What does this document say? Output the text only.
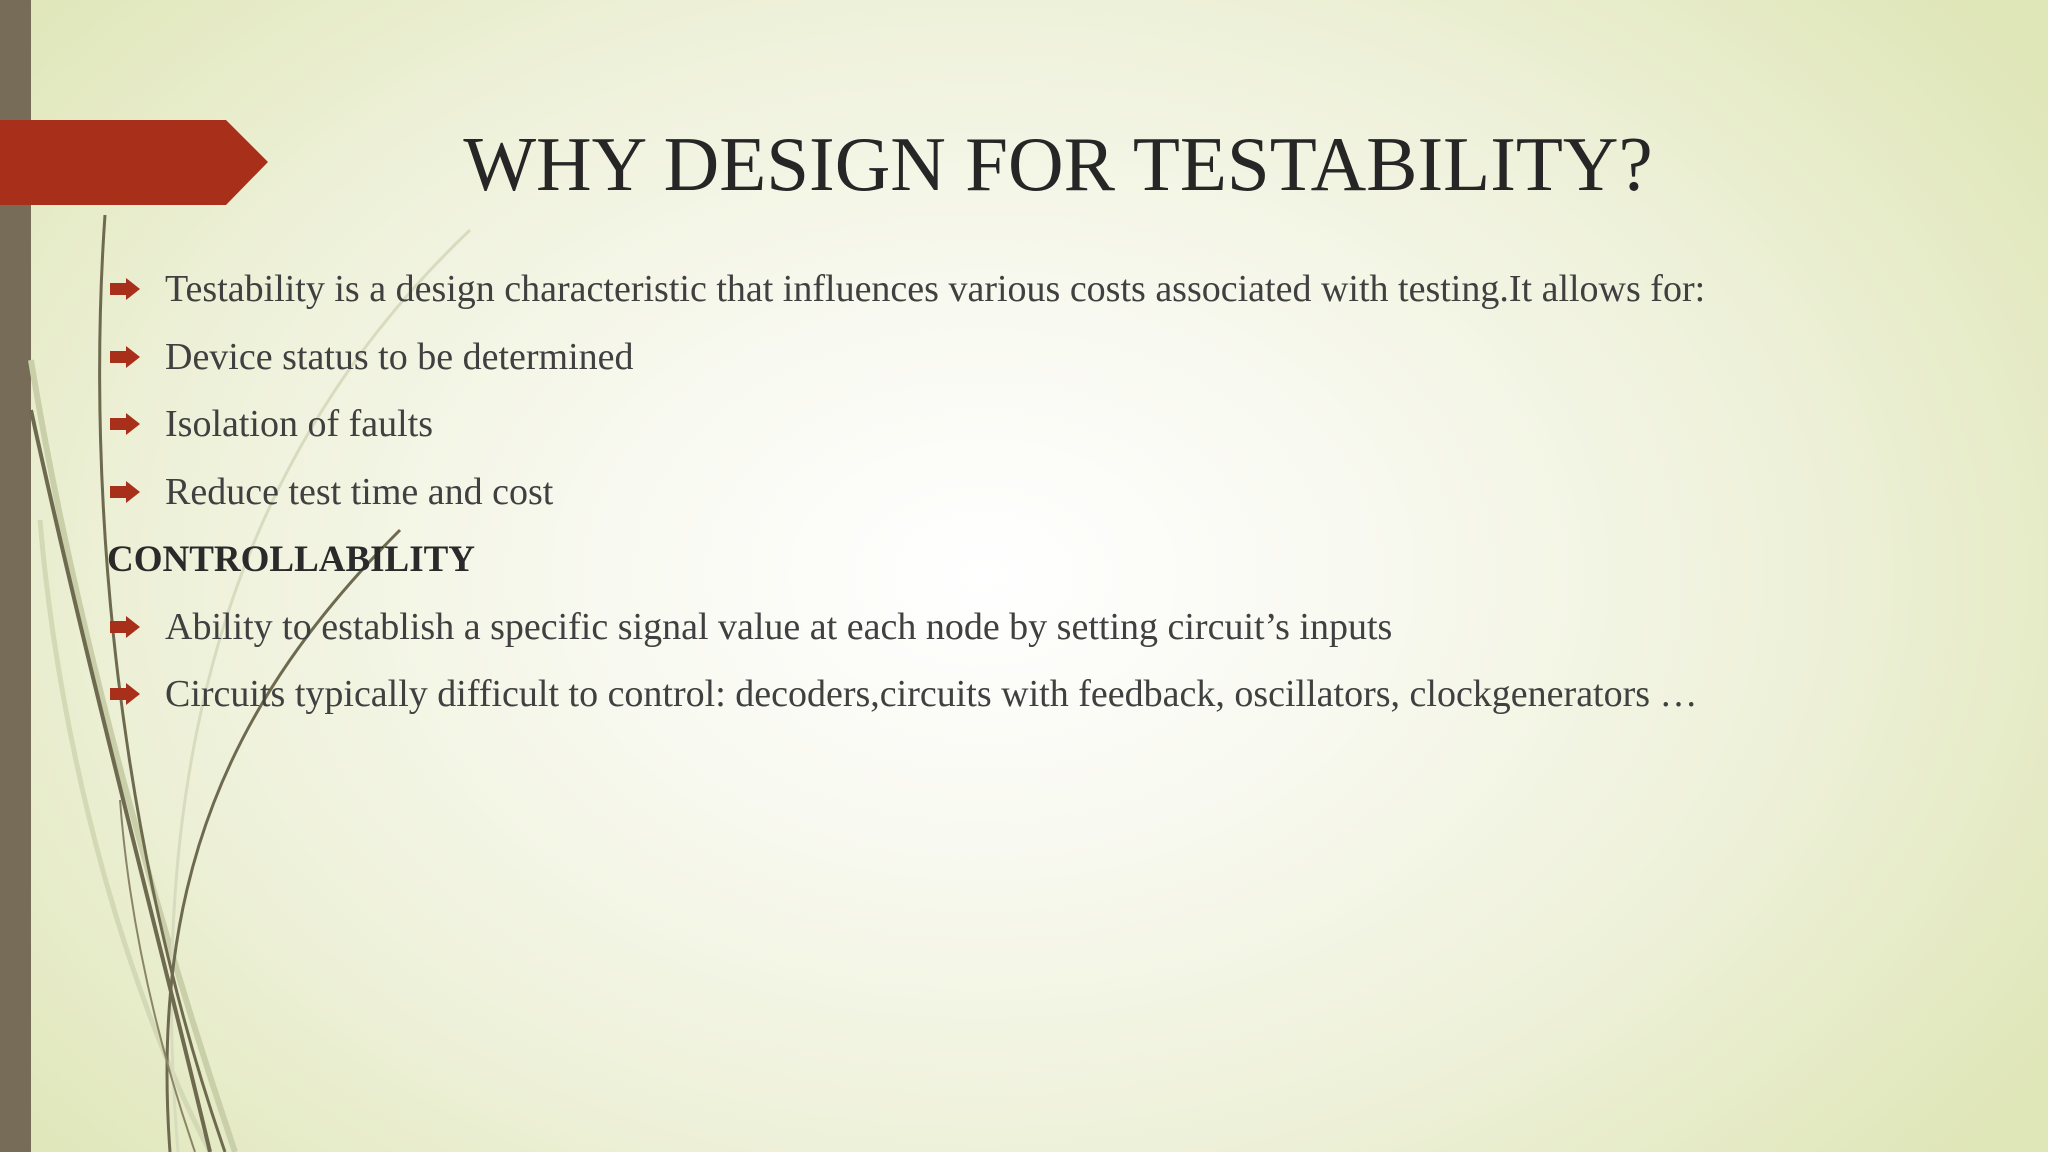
WHY DESIGN FOR TESTABILITY?
Testability is a design characteristic that influences various costs associated with testing.It allows for:
Device status to be determined
Isolation of faults
Reduce test time and cost
CONTROLLABILITY
Ability to establish a specific signal value at each node by setting circuit’s inputs
Circuits typically difficult to control: decoders,circuits with feedback, oscillators, clockgenerators …
